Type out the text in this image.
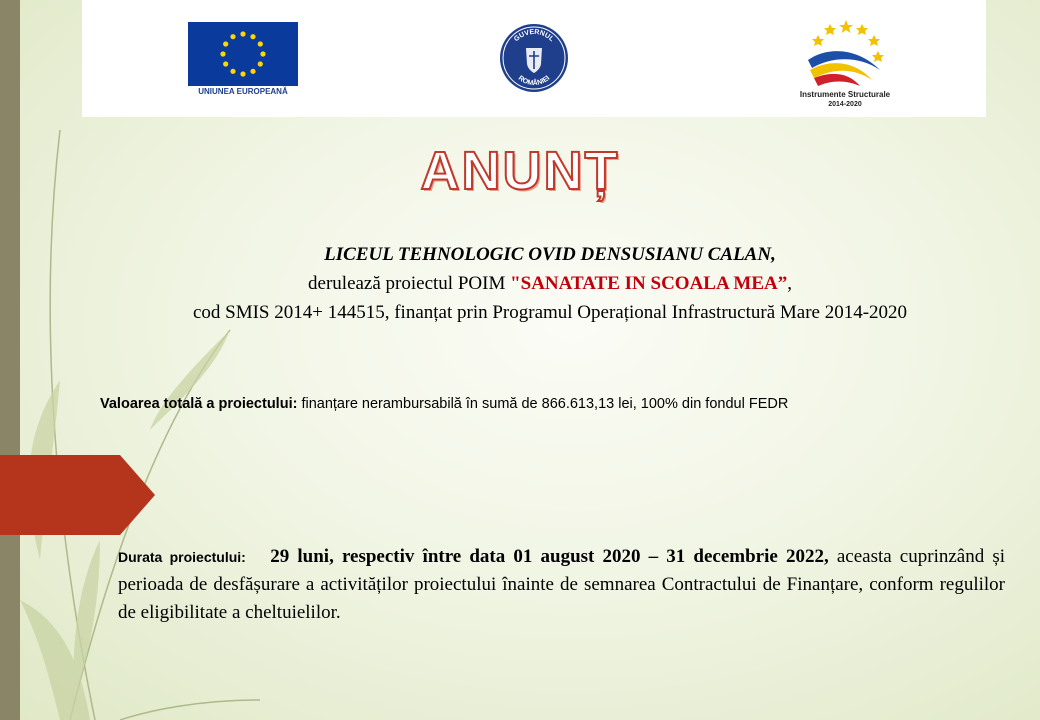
UNIUNEA EUROPEANĂ
GUVERNUL
ROMÂNIEI
Instrumente Structurale
2014-2020
ANUNȚ
LICEUL TEHNOLOGIC OVID DENSUSIANU CALAN,
derulează proiectul POIM "SANATATE IN SCOALA MEA”,
cod SMIS 2014+ 144515, finanțat prin Programul Operațional Infrastructură Mare 2014-2020
Valoarea totală a proiectului: finanțare nerambursabilă în sumă de 866.613,13 lei, 100% din fondul FEDR
Durata proiectului: 29 luni, respectiv între data 01 august 2020 – 31 decembrie 2022, aceasta cuprinzând și perioada de desfășurare a activităților proiectului înainte de semnarea Contractului de Finanțare, conform regulilor de eligibilitate a cheltuielilor.
